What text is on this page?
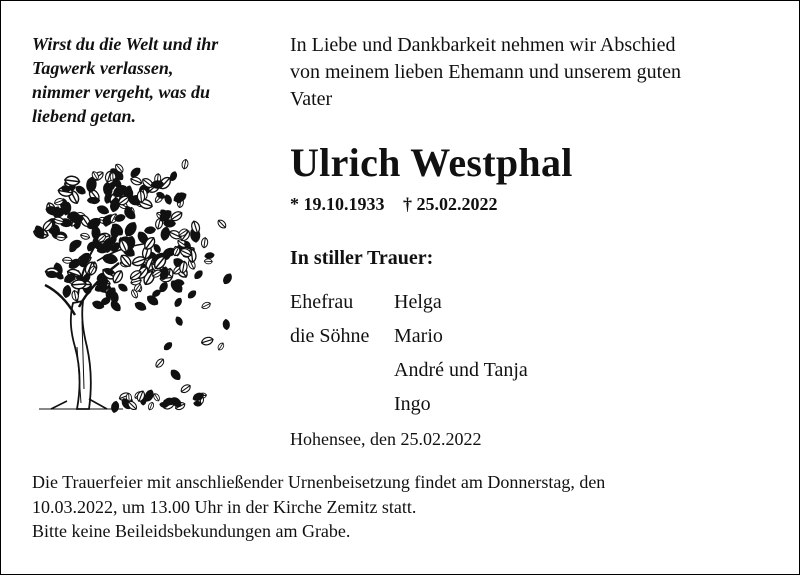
Wirst du die Welt und ihr
Tagwerk verlassen,
nimmer vergeht, was du
liebend getan.
In Liebe und Dankbarkeit nehmen wir Abschied
von meinem lieben Ehemann und unserem guten
Vater
Ulrich Westphal
* 19.10.1933 † 25.02.2022
In stiller Trauer:
Ehefrau	Helga
die Söhne	Mario
André und Tanja
Ingo
Hohensee, den 25.02.2022
Die Trauerfeier mit anschließender Urnenbeisetzung findet am Donnerstag, den
10.03.2022, um 13.00 Uhr in der Kirche Zemitz statt.
Bitte keine Beileidsbekundungen am Grabe.
